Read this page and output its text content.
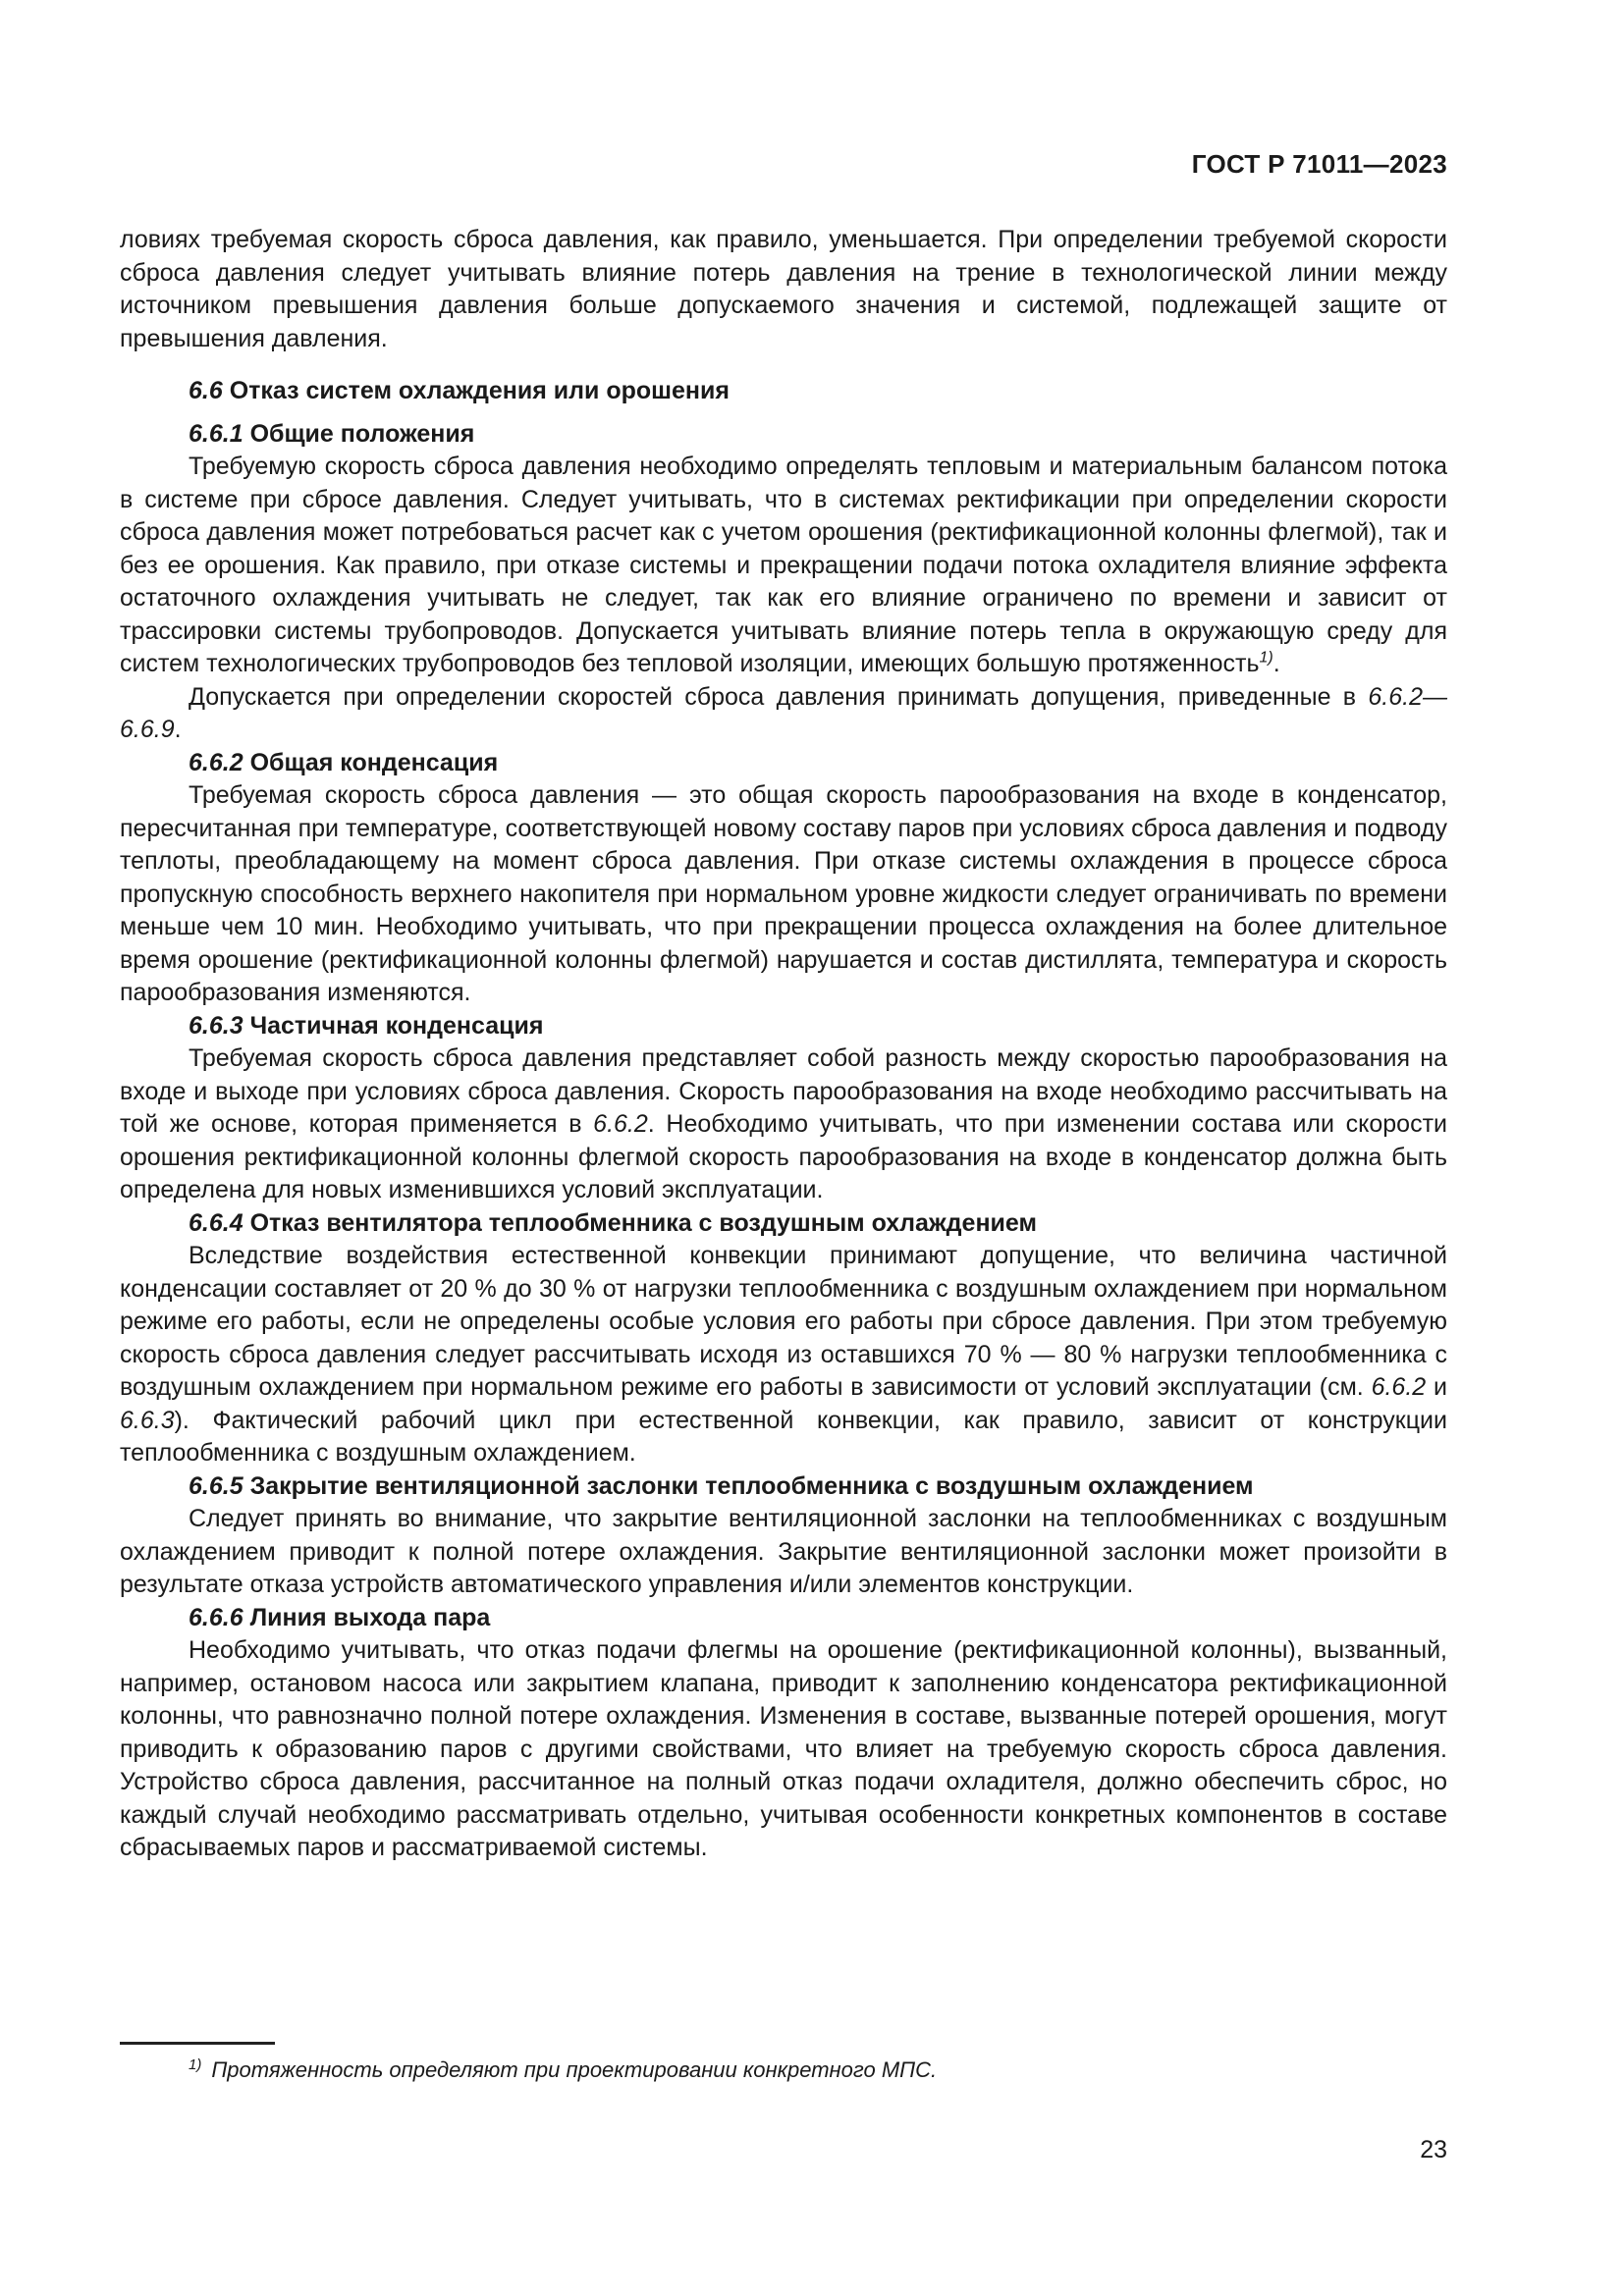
ГОСТ Р 71011—2023

ловиях требуемая скорость сброса давления, как правило, уменьшается. При определении требуемой скорости сброса давления следует учитывать влияние потерь давления на трение в технологической линии между источником превышения давления больше допускаемого значения и системой, подлежащей защите от превышения давления.

6.6 Отказ систем охлаждения или орошения

6.6.1 Общие положения

Требуемую скорость сброса давления необходимо определять тепловым и материальным балансом потока в системе при сбросе давления. Следует учитывать, что в системах ректификации при определении скорости сброса давления может потребоваться расчет как с учетом орошения (ректификационной колонны флегмой), так и без ее орошения. Как правило, при отказе системы и прекращении подачи потока охладителя влияние эффекта остаточного охлаждения учитывать не следует, так как его влияние ограничено по времени и зависит от трассировки системы трубопроводов. Допускается учитывать влияние потерь тепла в окружающую среду для систем технологических трубопроводов без тепловой изоляции, имеющих большую протяженность$^{1)}$.

Допускается при определении скоростей сброса давления принимать допущения, приведенные в 6.6.2—6.6.9.

6.6.2 Общая конденсация

Требуемая скорость сброса давления — это общая скорость парообразования на входе в конденсатор, пересчитанная при температуре, соответствующей новому составу паров при условиях сброса давления и подводу теплоты, преобладающему на момент сброса давления. При отказе системы охлаждения в процессе сброса пропускную способность верхнего накопителя при нормальном уровне жидкости следует ограничивать по времени меньше чем 10 мин. Необходимо учитывать, что при прекращении процесса охлаждения на более длительное время орошение (ректификационной колонны флегмой) нарушается и состав дистиллята, температура и скорость парообразования изменяются.

6.6.3 Частичная конденсация

Требуемая скорость сброса давления представляет собой разность между скоростью парообразования на входе и выходе при условиях сброса давления. Скорость парообразования на входе необходимо рассчитывать на той же основе, которая применяется в 6.6.2. Необходимо учитывать, что при изменении состава или скорости орошения ректификационной колонны флегмой скорость парообразования на входе в конденсатор должна быть определена для новых изменившихся условий эксплуатации.

6.6.4 Отказ вентилятора теплообменника с воздушным охлаждением

Вследствие воздействия естественной конвекции принимают допущение, что величина частичной конденсации составляет от 20 % до 30 % от нагрузки теплообменника с воздушным охлаждением при нормальном режиме его работы, если не определены особые условия его работы при сбросе давления. При этом требуемую скорость сброса давления следует рассчитывать исходя из оставшихся 70 % — 80 % нагрузки теплообменника с воздушным охлаждением при нормальном режиме его работы в зависимости от условий эксплуатации (см. 6.6.2 и 6.6.3). Фактический рабочий цикл при естественной конвекции, как правило, зависит от конструкции теплообменника с воздушным охлаждением.

6.6.5 Закрытие вентиляционной заслонки теплообменника с воздушным охлаждением

Следует принять во внимание, что закрытие вентиляционной заслонки на теплообменниках с воздушным охлаждением приводит к полной потере охлаждения. Закрытие вентиляционной заслонки может произойти в результате отказа устройств автоматического управления и/или элементов конструкции.

6.6.6 Линия выхода пара

Необходимо учитывать, что отказ подачи флегмы на орошение (ректификационной колонны), вызванный, например, остановом насоса или закрытием клапана, приводит к заполнению конденсатора ректификационной колонны, что равнозначно полной потере охлаждения. Изменения в составе, вызванные потерей орошения, могут приводить к образованию паров с другими свойствами, что влияет на требуемую скорость сброса давления. Устройство сброса давления, рассчитанное на полный отказ подачи охладителя, должно обеспечить сброс, но каждый случай необходимо рассматривать отдельно, учитывая особенности конкретных компонентов в составе сбрасываемых паров и рассматриваемой системы.

$^{1)}$ Протяженность определяют при проектировании конкретного МПС.
23
